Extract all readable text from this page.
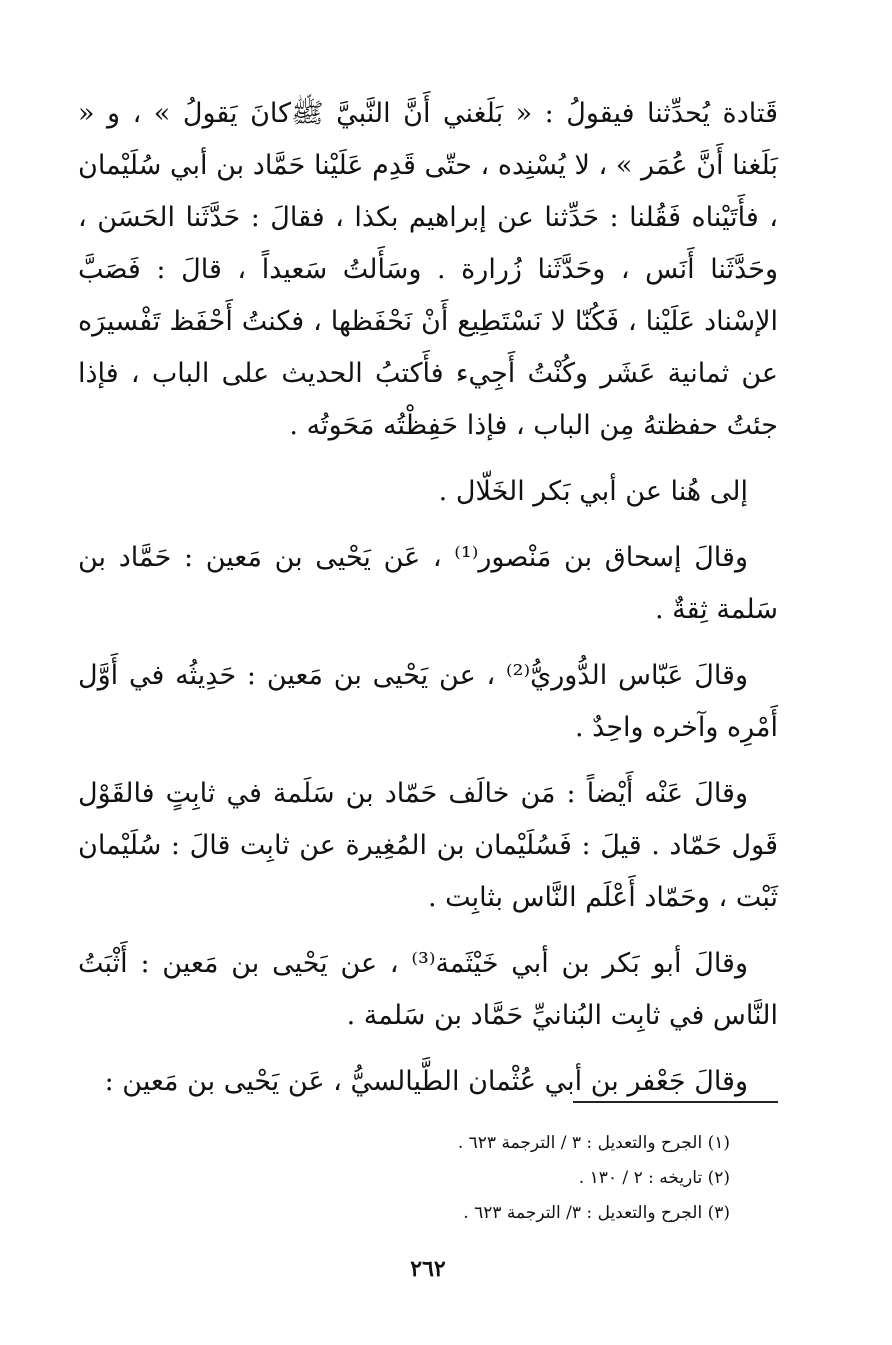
قَتادة يُحدِّثنا فيقولُ : « بَلَغني أَنَّ النَّبيَّ ﷺكانَ يَقولُ » ، و « بَلَغنا أَنَّ عُمَر » ، لا يُسْنِده ، حتّى قَدِم عَلَيْنا حَمَّاد بن أبي سُلَيْمان ، فأَتَيْناه فَقُلنا : حَدِّثنا عن إبراهيم بكذا ، فقالَ : حَدَّثَنا الحَسَن ، وحَدَّثَنا أَنَس ، وحَدَّثَنا زُرارة . وسَأَلتُ سَعيداً ، قالَ : فَصَبَّ الإسْناد عَلَيْنا ، فَكُنّا لا نَسْتَطِيع أَنْ نَحْفَظها ، فكنتُ أَحْفَظ تَفْسيرَه عن ثمانية عَشَر وكُنْتُ أَجِيء فأَكتبُ الحديث على الباب ، فإذا جئتُ حفظتهُ مِن الباب ، فإذا حَفِظْتُه مَحَوتُه .

إلى هُنا عن أبي بَكر الخَلّال .

وقالَ إسحاق بن مَنْصور⁽¹⁾ ، عَن يَحْيى بن مَعين : حَمَّاد بن سَلمة ثِقةٌ .

وقالَ عَبّاس الدُّوريُّ⁽²⁾ ، عن يَحْيى بن مَعين : حَدِيثُه في أَوَّل أَمْرِه وآخره واحِدٌ .

وقالَ عَنْه أَيْضاً : مَن خالَف حَمّاد بن سَلَمة في ثابِتٍ فالقَوْل قَول حَمّاد . قيلَ : فَسُلَيْمان بن المُغِيرة عن ثابِت قالَ : سُلَيْمان ثَبْت ، وحَمّاد أَعْلَم النَّاس بثابِت .

وقالَ أبو بَكر بن أبي خَيْثَمة⁽³⁾ ، عن يَحْيى بن مَعين : أَثْبَتُ النَّاس في ثابِت البُنانيِّ حَمَّاد بن سَلمة .

وقالَ جَعْفر بن أبي عُثْمان الطَّيالسيُّ ، عَن يَحْيى بن مَعين :

(١) الجرح والتعديل : ٣ / الترجمة ٦٢٣ .

(٢) تاريخه : ٢ / ١٣٠ .

(٣) الجرح والتعديل : ٣/ الترجمة ٦٢٣ .

٢٦٢
